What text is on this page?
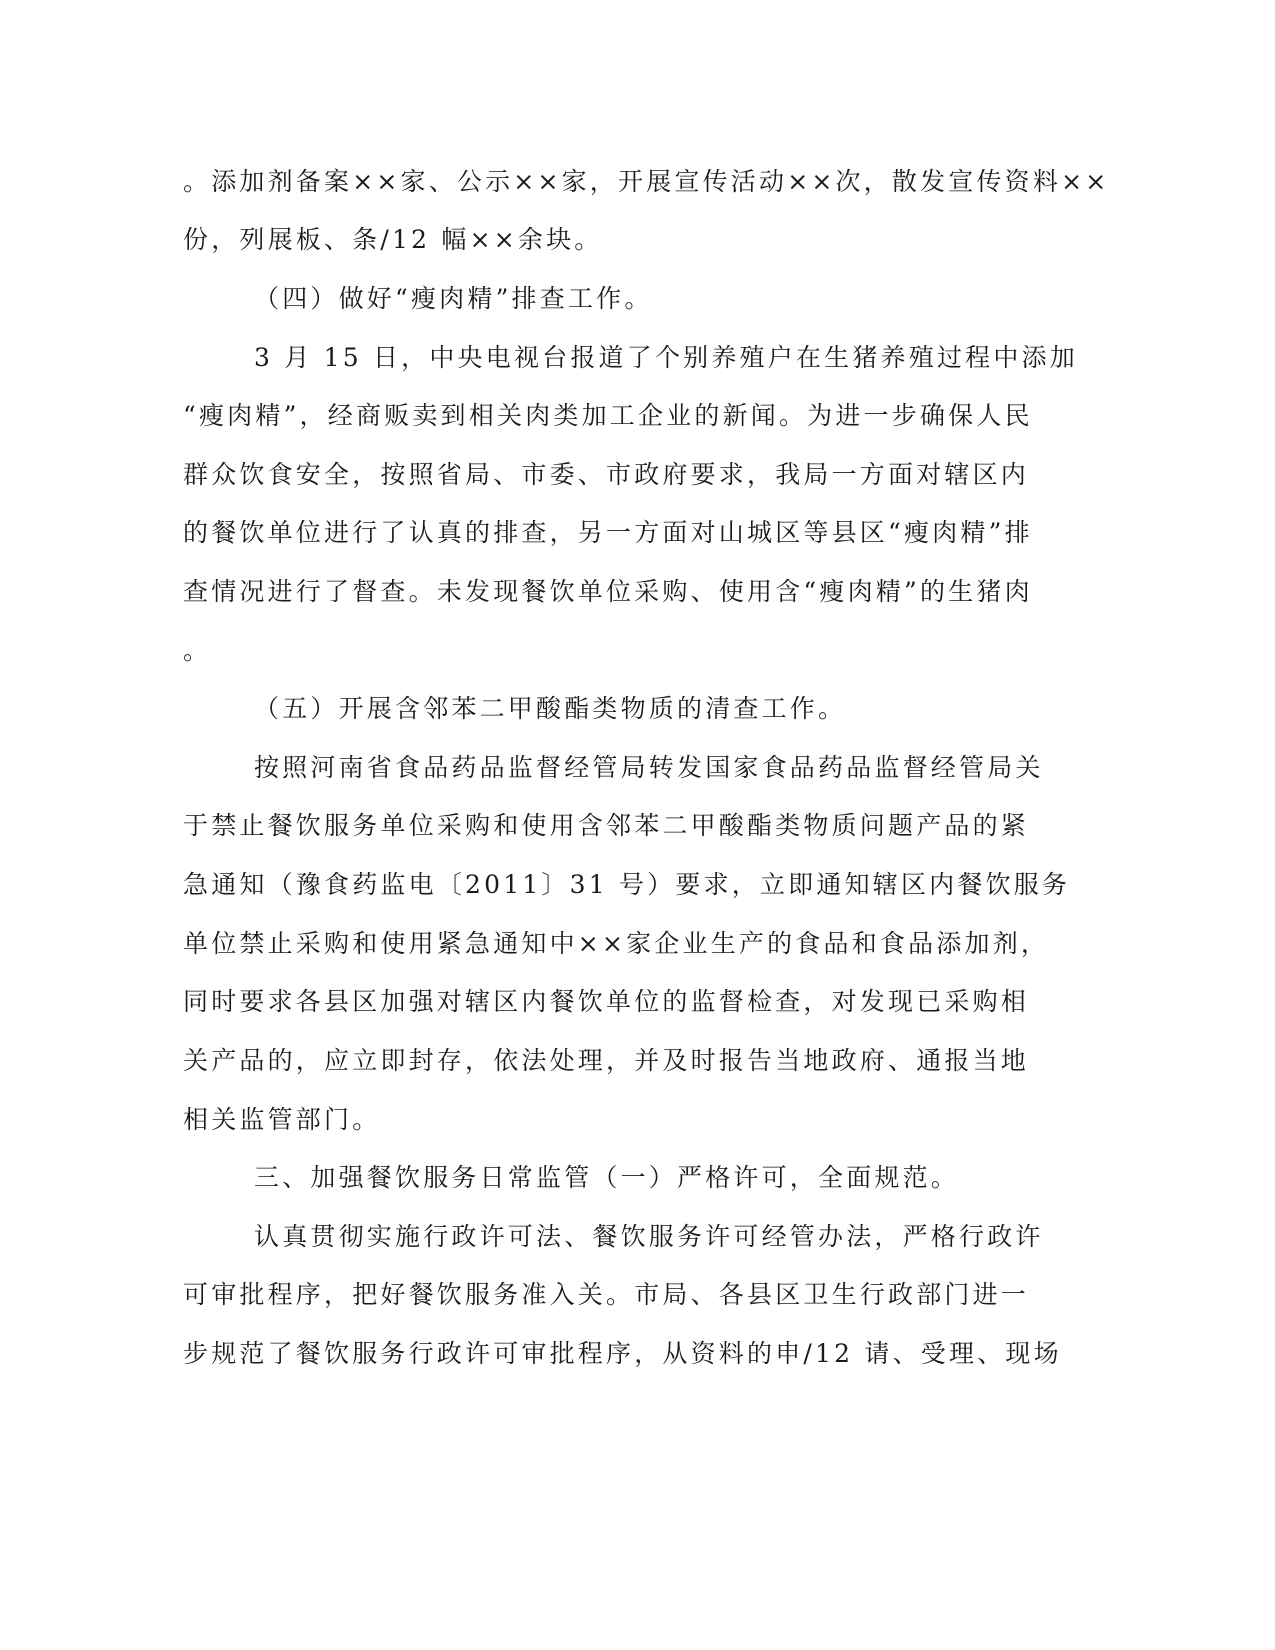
。添加剂备案××家、公示××家，开展宣传活动××次，散发宣传资料××
份，列展板、条/12 幅××余块。
（四）做好“瘦肉精”排查工作。
3 月 15 日，中央电视台报道了个别养殖户在生猪养殖过程中添加
“瘦肉精”，经商贩卖到相关肉类加工企业的新闻。为进一步确保人民
群众饮食安全，按照省局、市委、市政府要求，我局一方面对辖区内
的餐饮单位进行了认真的排查，另一方面对山城区等县区“瘦肉精”排
查情况进行了督查。未发现餐饮单位采购、使用含“瘦肉精”的生猪肉
。
（五）开展含邻苯二甲酸酯类物质的清查工作。
按照河南省食品药品监督经管局转发国家食品药品监督经管局关
于禁止餐饮服务单位采购和使用含邻苯二甲酸酯类物质问题产品的紧
急通知（豫食药监电〔2011〕31 号）要求，立即通知辖区内餐饮服务
单位禁止采购和使用紧急通知中××家企业生产的食品和食品添加剂，
同时要求各县区加强对辖区内餐饮单位的监督检查，对发现已采购相
关产品的，应立即封存，依法处理，并及时报告当地政府、通报当地
相关监管部门。
三、加强餐饮服务日常监管（一）严格许可，全面规范。
认真贯彻实施行政许可法、餐饮服务许可经管办法，严格行政许
可审批程序，把好餐饮服务准入关。市局、各县区卫生行政部门进一
步规范了餐饮服务行政许可审批程序，从资料的申/12 请、受理、现场
